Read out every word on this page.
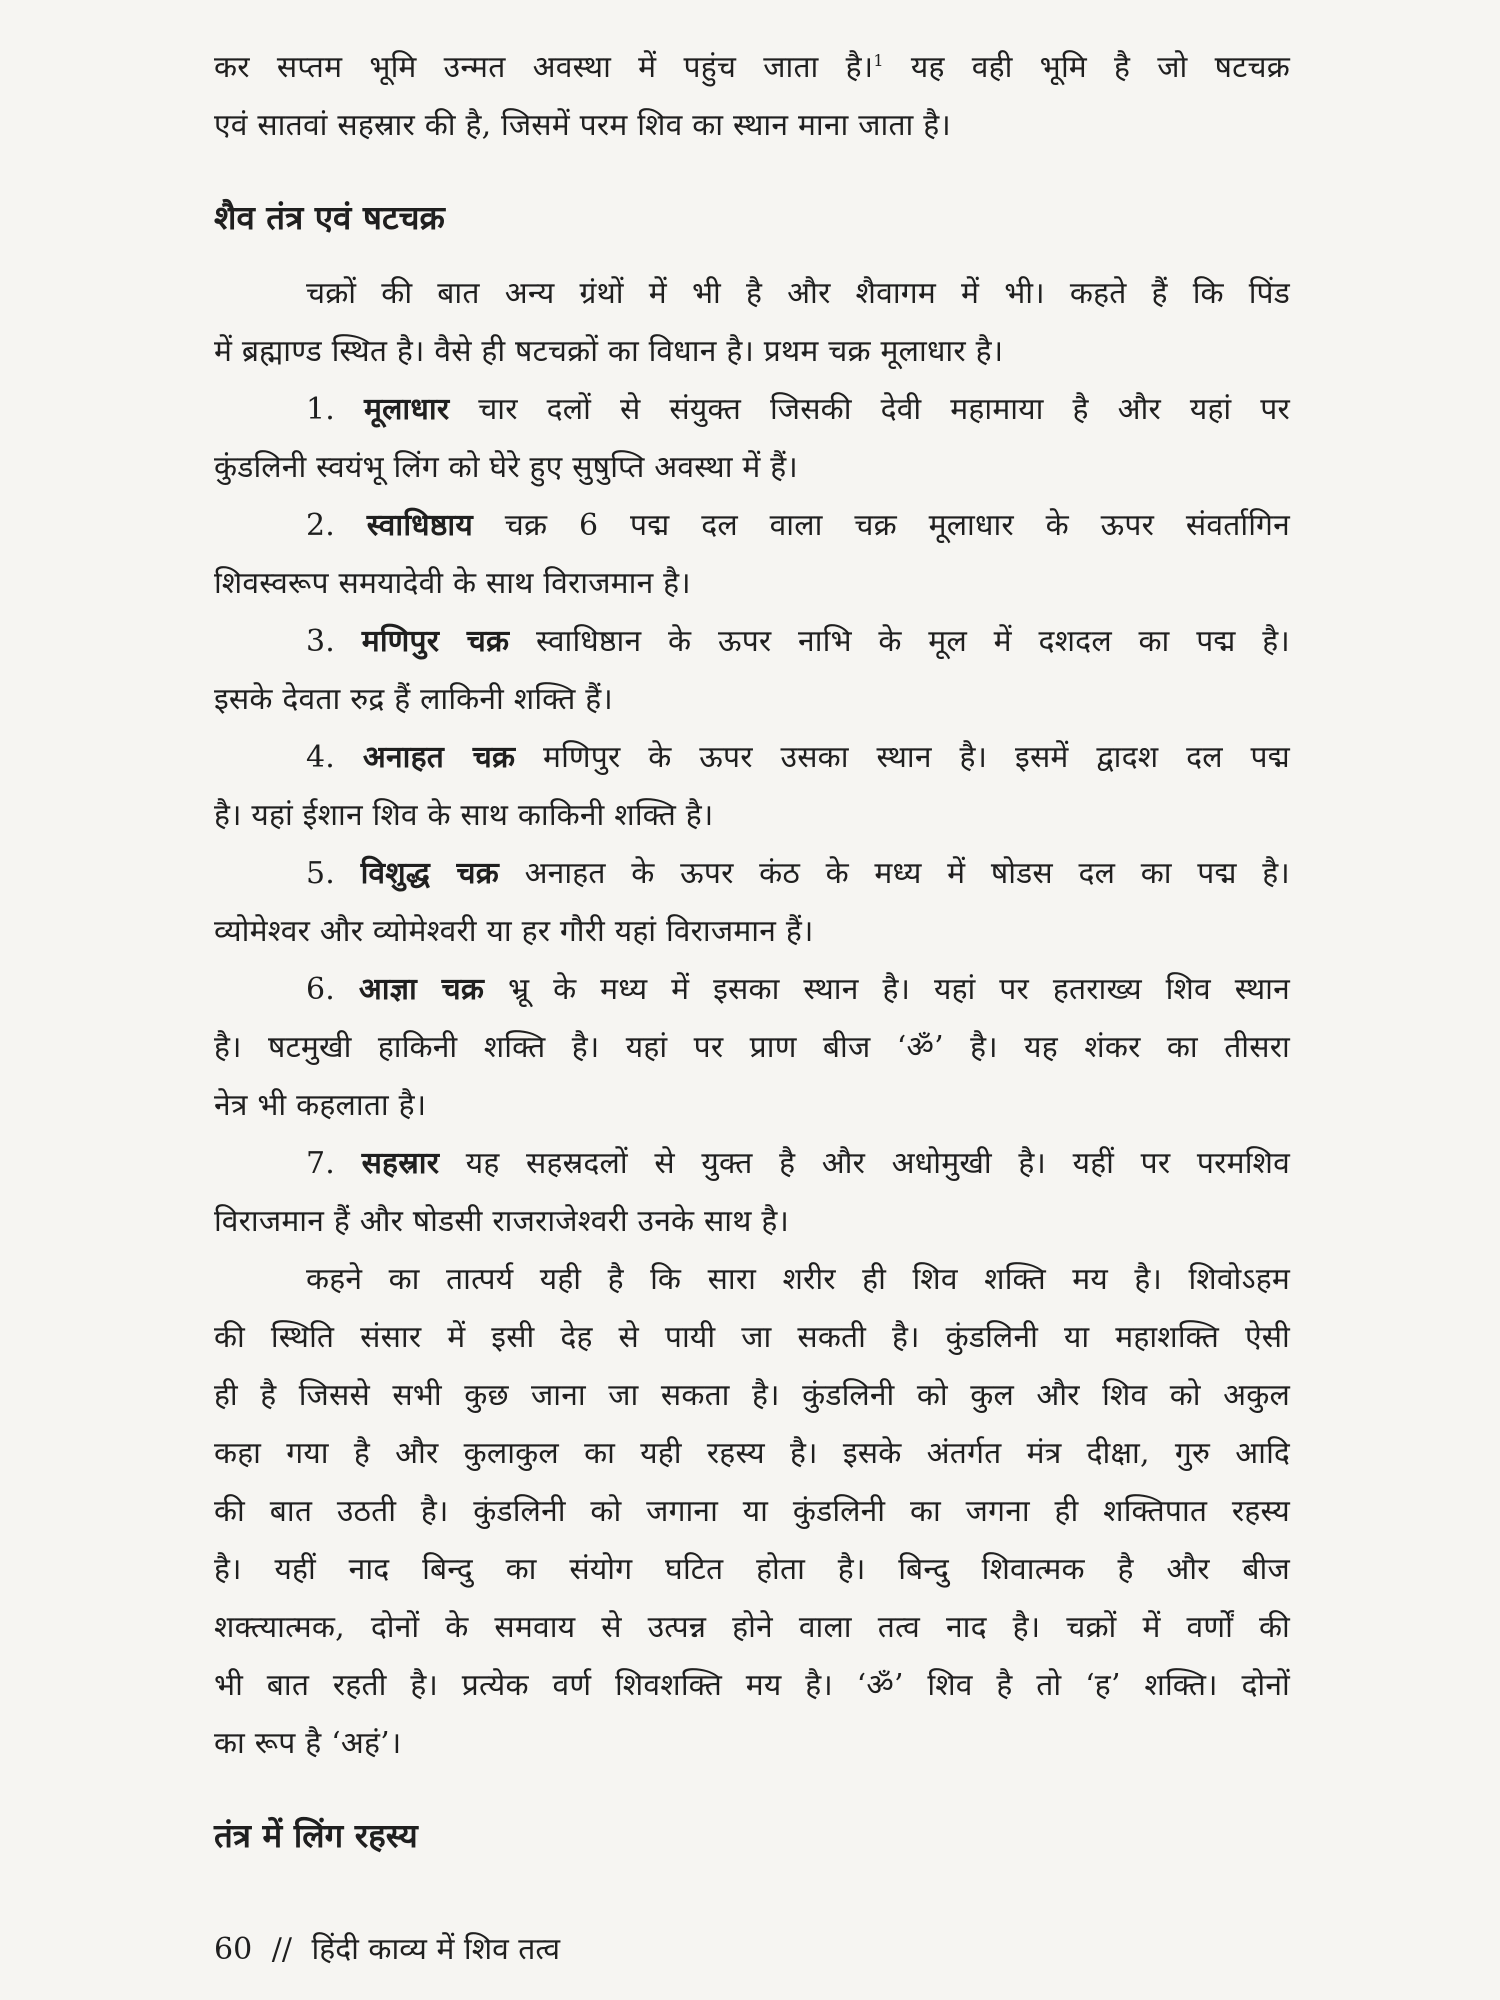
कर सप्तम भूमि उन्मत अवस्था में पहुंच जाता है।$^1$ यह वही भूमि है जो षटचक्र
एवं सातवां सहस्रार की है, जिसमें परम शिव का स्थान माना जाता है।
शैव तंत्र एवं षटचक्र
चक्रों की बात अन्य ग्रंथों में भी है और शैवागम में भी। कहते हैं कि पिंड
में ब्रह्माण्ड स्थित है। वैसे ही षटचक्रों का विधान है। प्रथम चक्र मूलाधार है।
1. मूलाधार चार दलों से संयुक्त जिसकी देवी महामाया है और यहां पर
कुंडलिनी स्वयंभू लिंग को घेरे हुए सुषुप्ति अवस्था में हैं।
2. स्वाधिष्ठाय चक्र 6 पद्म दल वाला चक्र मूलाधार के ऊपर संवर्तागिन
शिवस्वरूप समयादेवी के साथ विराजमान है।
3. मणिपुर चक्र स्वाधिष्ठान के ऊपर नाभि के मूल में दशदल का पद्म है।
इसके देवता रुद्र हैं लाकिनी शक्ति हैं।
4. अनाहत चक्र मणिपुर के ऊपर उसका स्थान है। इसमें द्वादश दल पद्म
है। यहां ईशान शिव के साथ काकिनी शक्ति है।
5. विशुद्ध चक्र अनाहत के ऊपर कंठ के मध्य में षोडस दल का पद्म है।
व्योमेश्वर और व्योमेश्वरी या हर गौरी यहां विराजमान हैं।
6. आज्ञा चक्र भ्रू के मध्य में इसका स्थान है। यहां पर हतराख्य शिव स्थान
है। षटमुखी हाकिनी शक्ति है। यहां पर प्राण बीज ‘ॐ’ है। यह शंकर का तीसरा
नेत्र भी कहलाता है।
7. सहस्रार यह सहस्रदलों से युक्त है और अधोमुखी है। यहीं पर परमशिव
विराजमान हैं और षोडसी राजराजेश्वरी उनके साथ है।
कहने का तात्पर्य यही है कि सारा शरीर ही शिव शक्ति मय है। शिवोऽहम
की स्थिति संसार में इसी देह से पायी जा सकती है। कुंडलिनी या महाशक्ति ऐसी
ही है जिससे सभी कुछ जाना जा सकता है। कुंडलिनी को कुल और शिव को अकुल
कहा गया है और कुलाकुल का यही रहस्य है। इसके अंतर्गत मंत्र दीक्षा, गुरु आदि
की बात उठती है। कुंडलिनी को जगाना या कुंडलिनी का जगना ही शक्तिपात रहस्य
है। यहीं नाद बिन्दु का संयोग घटित होता है। बिन्दु शिवात्मक है और बीज
शक्त्यात्मक, दोनों के समवाय से उत्पन्न होने वाला तत्व नाद है। चक्रों में वर्णों की
भी बात रहती है। प्रत्येक वर्ण शिवशक्ति मय है। ‘ॐ’ शिव है तो ‘ह’ शक्ति। दोनों
का रूप है ‘अहं’।
तंत्र में लिंग रहस्य
60 // हिंदी काव्य में शिव तत्व
